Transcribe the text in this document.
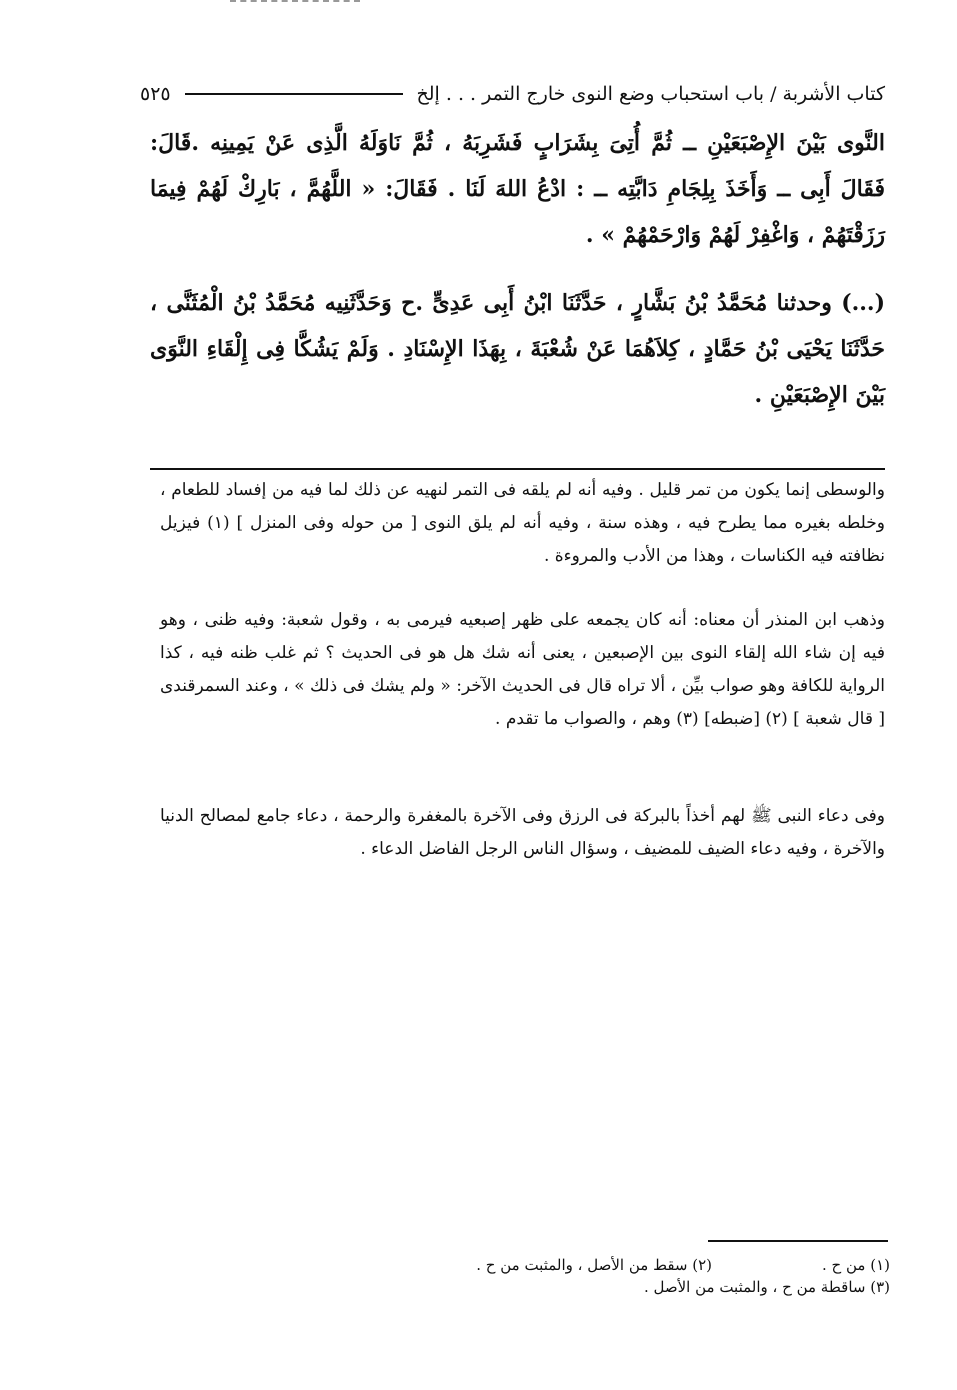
كتاب الأشربة / باب استحباب وضع النوى خارج التمر . . . إلخ
٥٢٥

النَّوى بَيْنَ الإِصْبَعَيْنِ ــ ثُمَّ أُتِىَ بِشَرَابٍ فَشَرِبَهُ ، ثُمَّ نَاوَلَهُ الَّذِى عَنْ يَمِينِه .قَالَ: فَقَالَ أَبِى ــ وَأَخَذَ بِلِجَامِ دَابَّتِه ــ : ادْعُ اللهَ لَنَا . فَقَالَ: « اللَّهُمَّ ، بَارِكْ لَهُمْ فِيمَا رَزَقْتَهُمْ ، وَاغْفِرْ لَهُمْ وَارْحَمْهُمْ » .

(...) وحدثنا مُحَمَّدُ بْنُ بَشَّارٍ ، حَدَّثَنَا ابْنُ أَبِى عَدِىٍّ .ح وَحَدَّثَنِيه مُحَمَّدُ بْنُ الْمُثَنَّى ، حَدَّثَنَا يَحْيَى بْنُ حَمَّادٍ ، كِلاَهُمَا عَنْ شُعْبَةَ ، بِهَذَا الإِسْنَادِ . وَلَمْ يَشُكَّا فِى إِلْقَاءِ النَّوَى بَيْنَ الإِصْبَعَيْنِ .

والوسطى إنما يكون من تمر قليل . وفيه أنه لم يلقه فى التمر لنهيه عن ذلك لما فيه من إفساد للطعام ، وخلطه بغيره مما يطرح فيه ، وهذه سنة ، وفيه أنه لم يلق النوى [ من حوله وفى المنزل ] (١) فيزيل نظافته فيه الكناسات ، وهذا من الأدب والمروءة .

وذهب ابن المنذر أن معناه: أنه كان يجمعه على ظهر إصبعيه فيرمى به ، وقول شعبة: وفيه ظنى ، وهو فيه إن شاء الله إلقاء النوى بين الإصبعين ، يعنى أنه شك هل هو فى الحديث ؟ ثم غلب ظنه فيه ، كذا الرواية للكافة وهو صواب بيِّن ، ألا تراه قال فى الحديث الآخر: « ولم يشك فى ذلك » ، وعند السمرقندى [ قال شعبة ] (٢) [ضبطه] (٣) وهم ، والصواب ما تقدم .

وفى دعاء النبى ﷺ لهم أخذاً بالبركة فى الرزق وفى الآخرة بالمغفرة والرحمة ، دعاء جامع لمصالح الدنيا والآخرة ، وفيه دعاء الضيف للمضيف ، وسؤال الناس الرجل الفاضل الدعاء .

(١) من ح .
(٢) سقط من الأصل ، والمثبت من ح .
(٣) ساقطة من ح ، والمثبت من الأصل .
